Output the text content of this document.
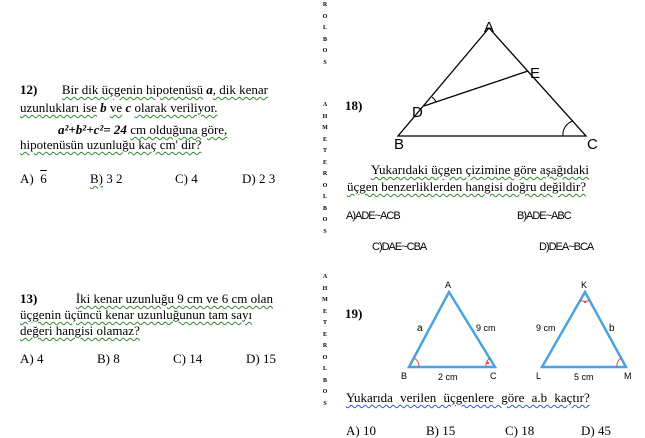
12) Bir dik üçgenin hipotenüsü a, dik kenar
uzunlukları ise b ve c olarak veriliyor.
a²+b²+c²= 24 cm olduğuna göre,
hipotenüsün uzunluğu kaç cm' dir?
A) 6	B) 3 2	C) 4	D) 2 3
13)	İki kenar uzunluğu 9 cm ve 6 cm olan
üçgenin üçüncü kenar uzunluğunun tam sayı
değeri hangisi olamaz?
A) 4	B) 8	C) 14	D) 15
R
O
L
B
O
S
A
H
M
E
T
E
R
O
L
B
O
S
A
H
M
E
T
E
R
O
L
B
O
S
18)
A
E
D
B	C
Yukarıdaki üçgen çizimine göre aşağıdaki
üçgen benzerliklerden hangisi doğru değildir?
A)ADE~ACB	B)ADE~ABC
C)DAE~CBA	D)DEA~BCA
19)
A
B	C
a	9 cm
2 cm
K
L	M
9 cm	b
5 cm
Yukarıda verilen üçgenlere göre a.b kaçtır?
A) 10	B) 15	C) 18	D) 45
